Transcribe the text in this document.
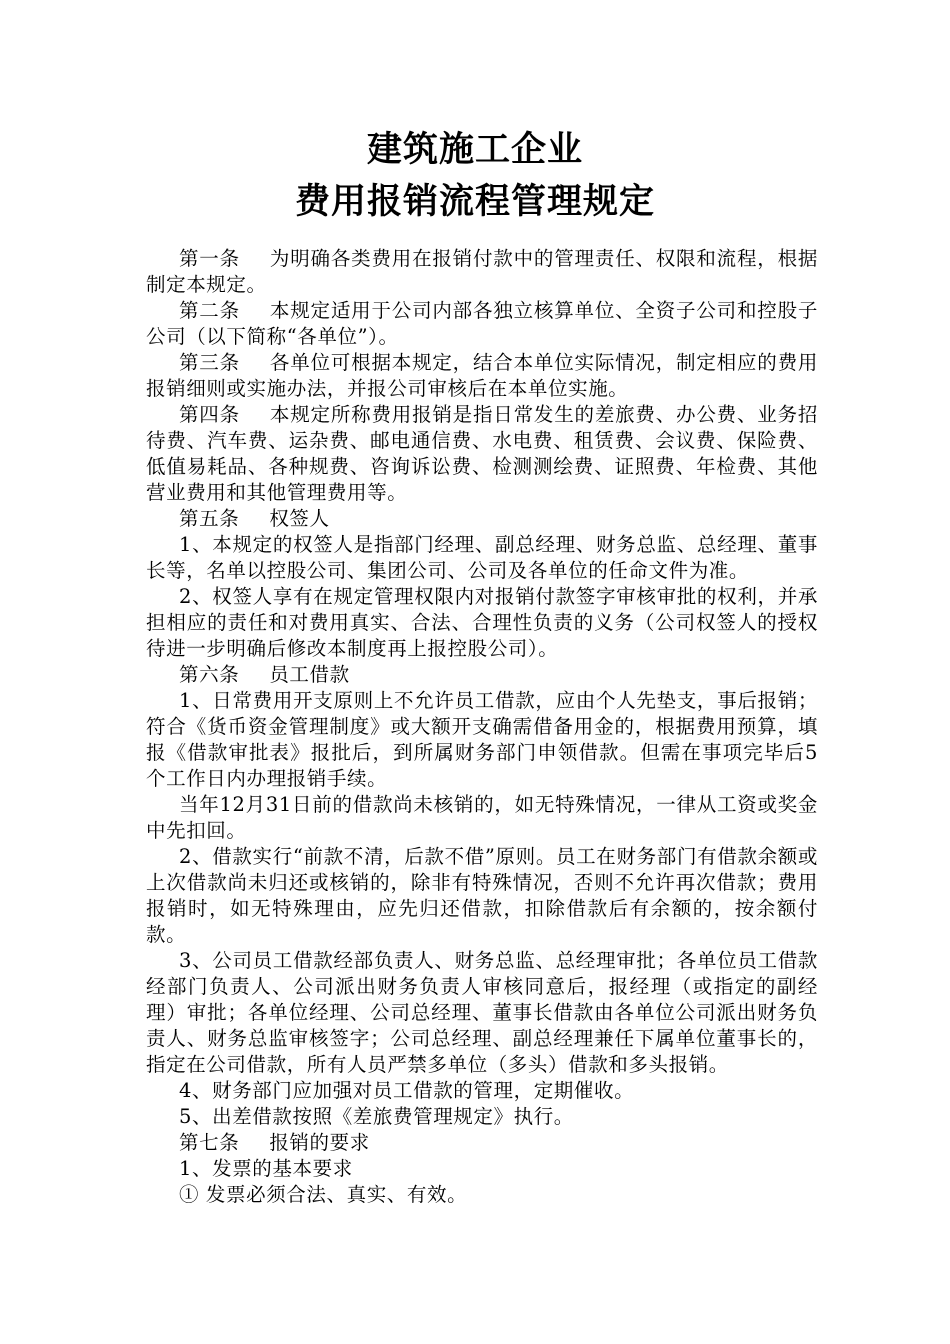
建筑施工企业
费用报销流程管理规定

第一条 为明确各类费用在报销付款中的管理责任、权限和流程，根据制定本规定。

第二条 本规定适用于公司内部各独立核算单位、全资子公司和控股子公司（以下简称“各单位”）。

第三条 各单位可根据本规定，结合本单位实际情况，制定相应的费用报销细则或实施办法，并报公司审核后在本单位实施。

第四条 本规定所称费用报销是指日常发生的差旅费、办公费、业务招待费、汽车费、运杂费、邮电通信费、水电费、租赁费、会议费、保险费、低值易耗品、各种规费、咨询诉讼费、检测测绘费、证照费、年检费、其他营业费用和其他管理费用等。

第五条 权签人

1、本规定的权签人是指部门经理、副总经理、财务总监、总经理、董事长等，名单以控股公司、集团公司、公司及各单位的任命文件为准。

2、权签人享有在规定管理权限内对报销付款签字审核审批的权利，并承担相应的责任和对费用真实、合法、合理性负责的义务（公司权签人的授权待进一步明确后修改本制度再上报控股公司）。

第六条 员工借款

1、日常费用开支原则上不允许员工借款，应由个人先垫支，事后报销；符合《货币资金管理制度》或大额开支确需借备用金的，根据费用预算，填报《借款审批表》报批后，到所属财务部门申领借款。但需在事项完毕后5个工作日内办理报销手续。

当年12月31日前的借款尚未核销的，如无特殊情况，一律从工资或奖金中先扣回。

2、借款实行“前款不清，后款不借”原则。员工在财务部门有借款余额或上次借款尚未归还或核销的，除非有特殊情况，否则不允许再次借款；费用报销时，如无特殊理由，应先归还借款，扣除借款后有余额的，按余额付款。

3、公司员工借款经部负责人、财务总监、总经理审批；各单位员工借款经部门负责人、公司派出财务负责人审核同意后，报经理（或指定的副经理）审批；各单位经理、公司总经理、董事长借款由各单位公司派出财务负责人、财务总监审核签字；公司总经理、副总经理兼任下属单位董事长的，指定在公司借款，所有人员严禁多单位（多头）借款和多头报销。

4、财务部门应加强对员工借款的管理，定期催收。

5、出差借款按照《差旅费管理规定》执行。

第七条 报销的要求

1、发票的基本要求

① 发票必须合法、真实、有效。
